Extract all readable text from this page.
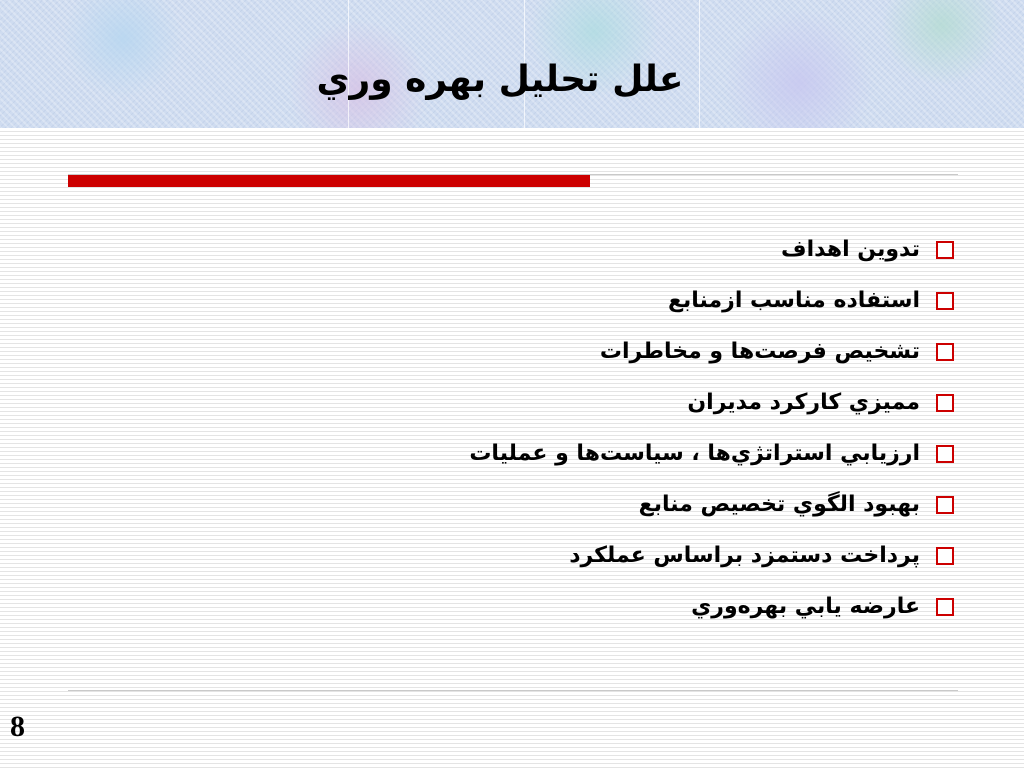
علل تحليل بهره وري
تدوين اهداف
استفاده مناسب ازمنابع
تشخيص فرصت‌ها و مخاطرات
مميزي كاركرد مديران
ارزيابي استراتژي‌ها ، سياست‌ها و عمليات
بهبود الگوي تخصيص منابع
پرداخت دستمزد براساس عملكرد
عارضه يابي بهره‌وري
8
